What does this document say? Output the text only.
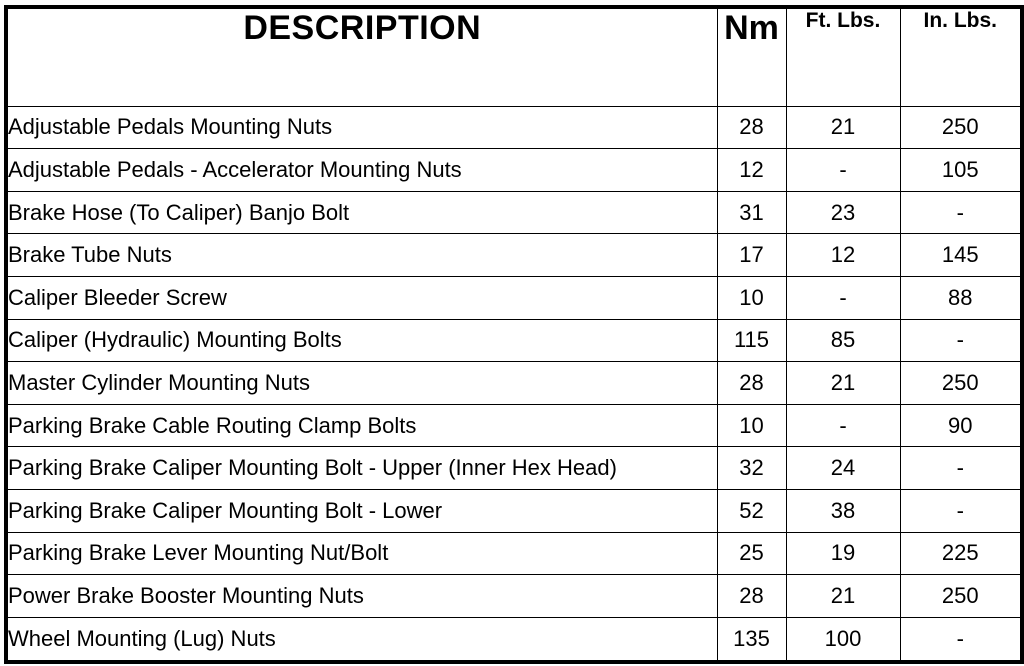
DESCRIPTION	Nm	Ft. Lbs.	In. Lbs.
Adjustable Pedals Mounting Nuts	28	21	250
Adjustable Pedals - Accelerator Mounting Nuts	12	-	105
Brake Hose (To Caliper) Banjo Bolt	31	23	-
Brake Tube Nuts	17	12	145
Caliper Bleeder Screw	10	-	88
Caliper (Hydraulic) Mounting Bolts	115	85	-
Master Cylinder Mounting Nuts	28	21	250
Parking Brake Cable Routing Clamp Bolts	10	-	90
Parking Brake Caliper Mounting Bolt - Upper (Inner Hex Head)	32	24	-
Parking Brake Caliper Mounting Bolt - Lower	52	38	-
Parking Brake Lever Mounting Nut/Bolt	25	19	225
Power Brake Booster Mounting Nuts	28	21	250
Wheel Mounting (Lug) Nuts	135	100	-
